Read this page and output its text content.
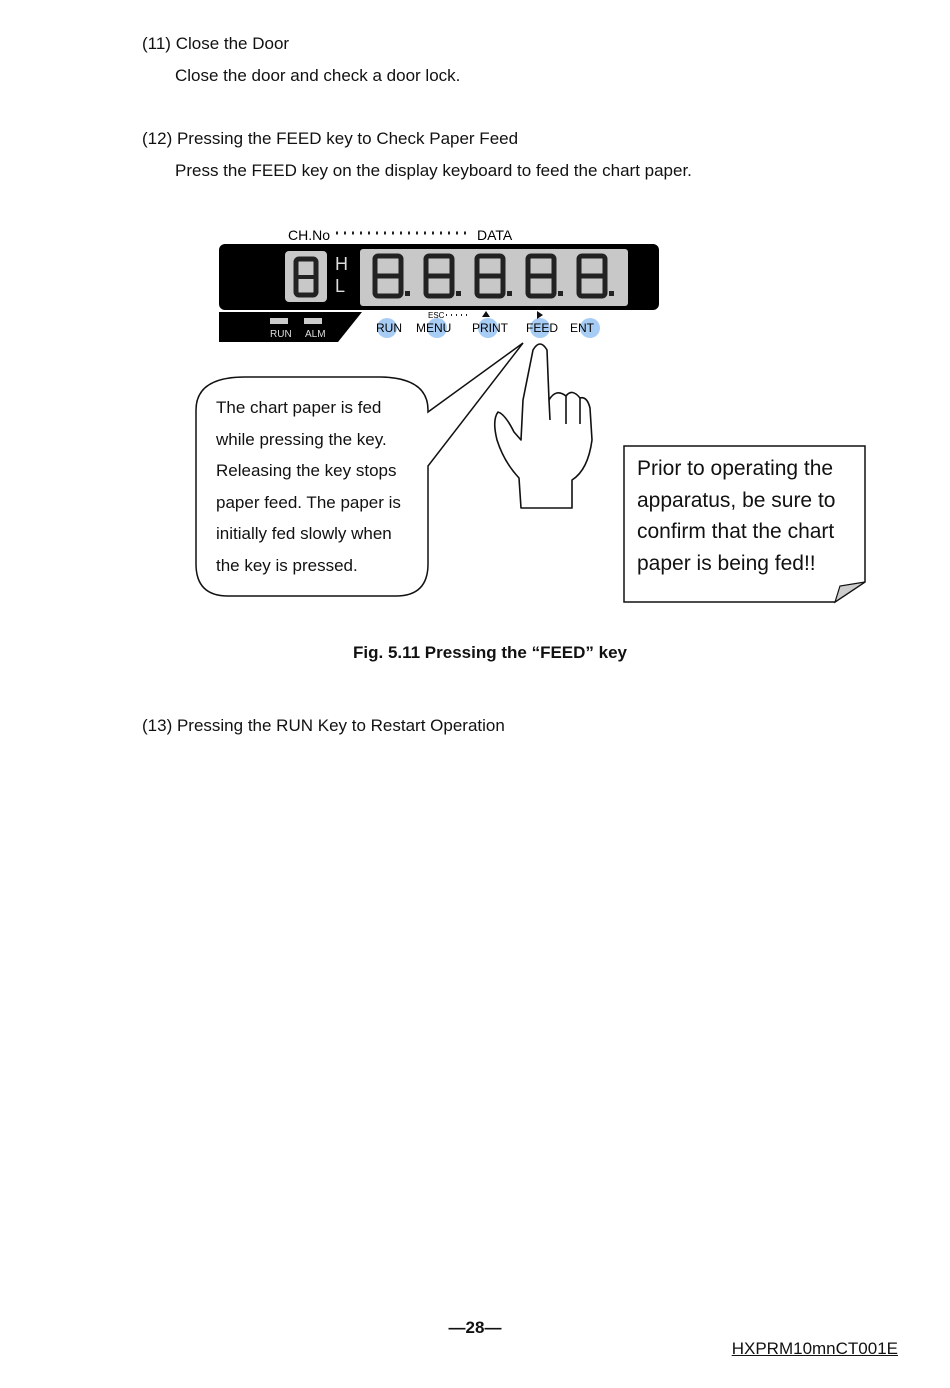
(11) Close the Door
Close the door and check a door lock.
(12) Pressing the FEED key to Check Paper Feed
Press the FEED key on the display keyboard to feed the chart paper.
CH.No	DATA
H
L
RUN ALM	RUN MENU PRINT FEED ENT
ESC
The chart paper is fed
while pressing the key.
Releasing the key stops
paper feed. The paper is
initially fed slowly when
the key is pressed.
Prior to operating the
apparatus, be sure to
confirm that the chart
paper is being fed!!
Fig. 5.11 Pressing the “FEED” key
(13) Pressing the RUN Key to Restart Operation
—28—
HXPRM10mnCT001E
